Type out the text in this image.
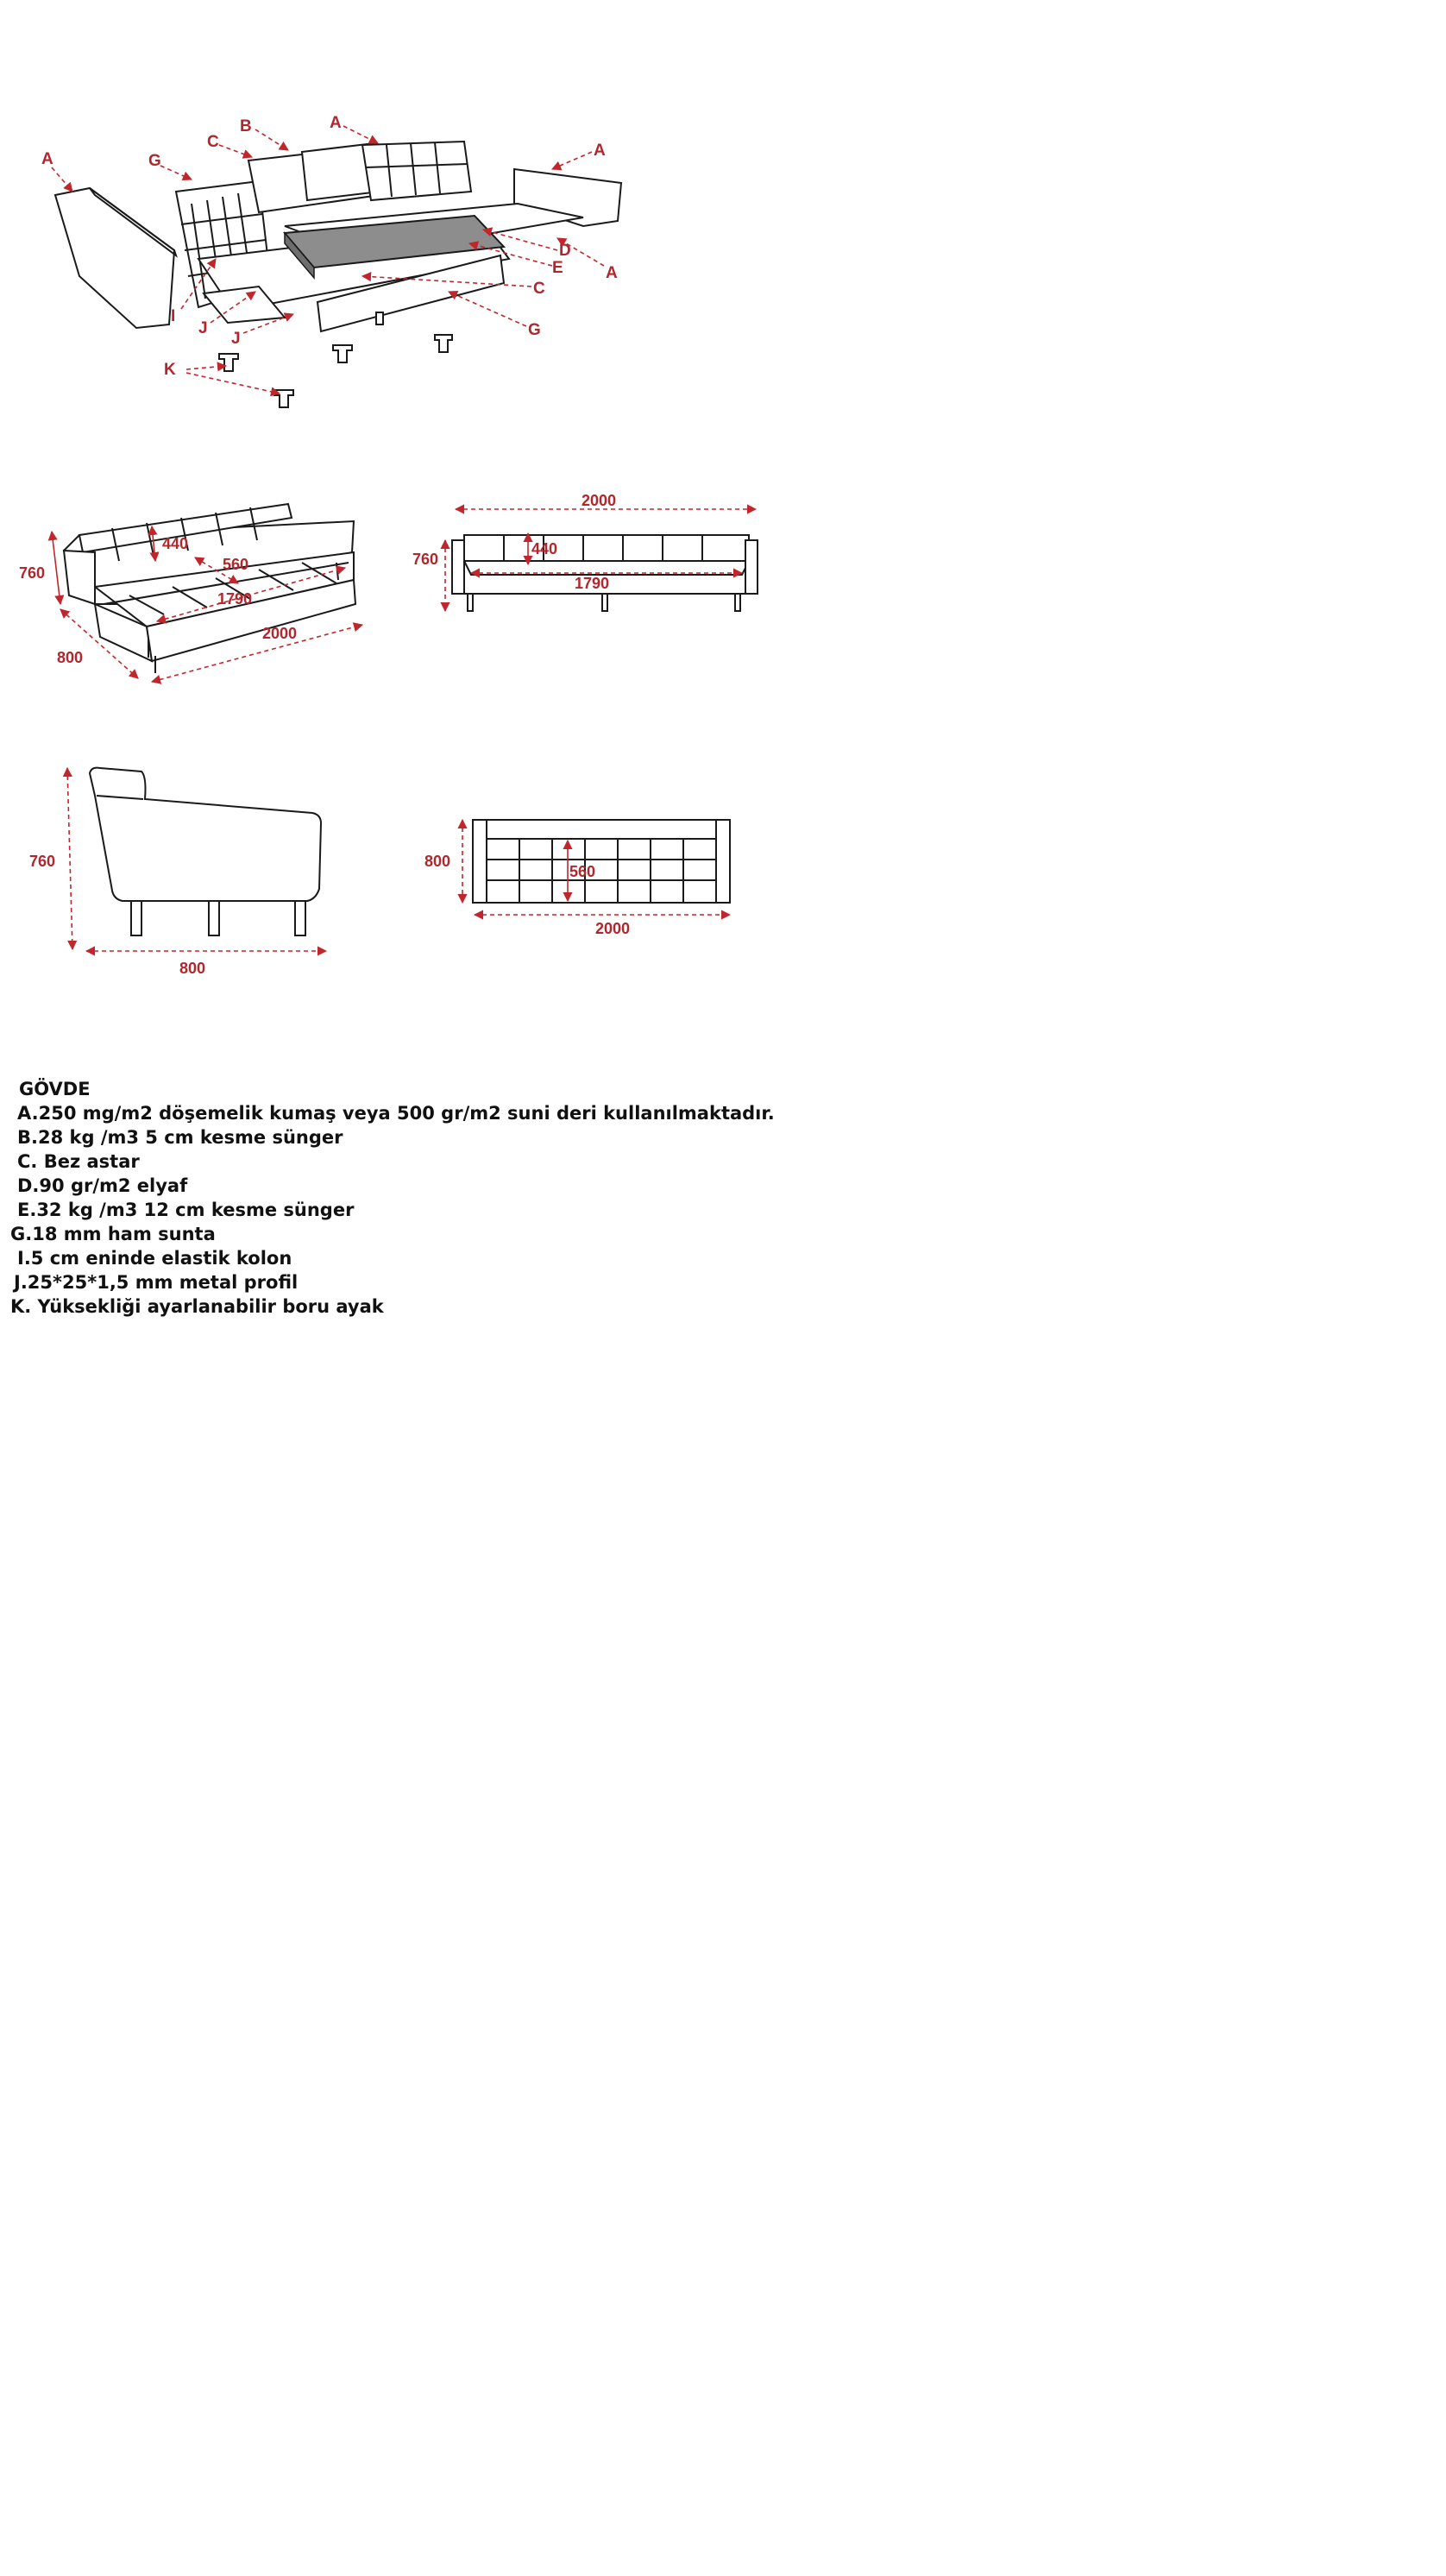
A
B	A
A
G
C
D
E	A
C
G
I
J
J
K
440
560
1790
2000
760
800
2000
760
440
1790
760
800
800
560
2000
GÖVDE
A.250 mg/m2 döşemelik kumaş veya 500 gr/m2 suni deri kullanılmaktadır.
B.28 kg /m3 5 cm kesme sünger
C. Bez astar
D.90 gr/m2 elyaf
E.32 kg /m3 12 cm kesme sünger
G.18 mm ham sunta
I.5 cm eninde elastik kolon
J.25*25*1,5 mm metal profil
K. Yüksekliği ayarlanabilir boru ayak
